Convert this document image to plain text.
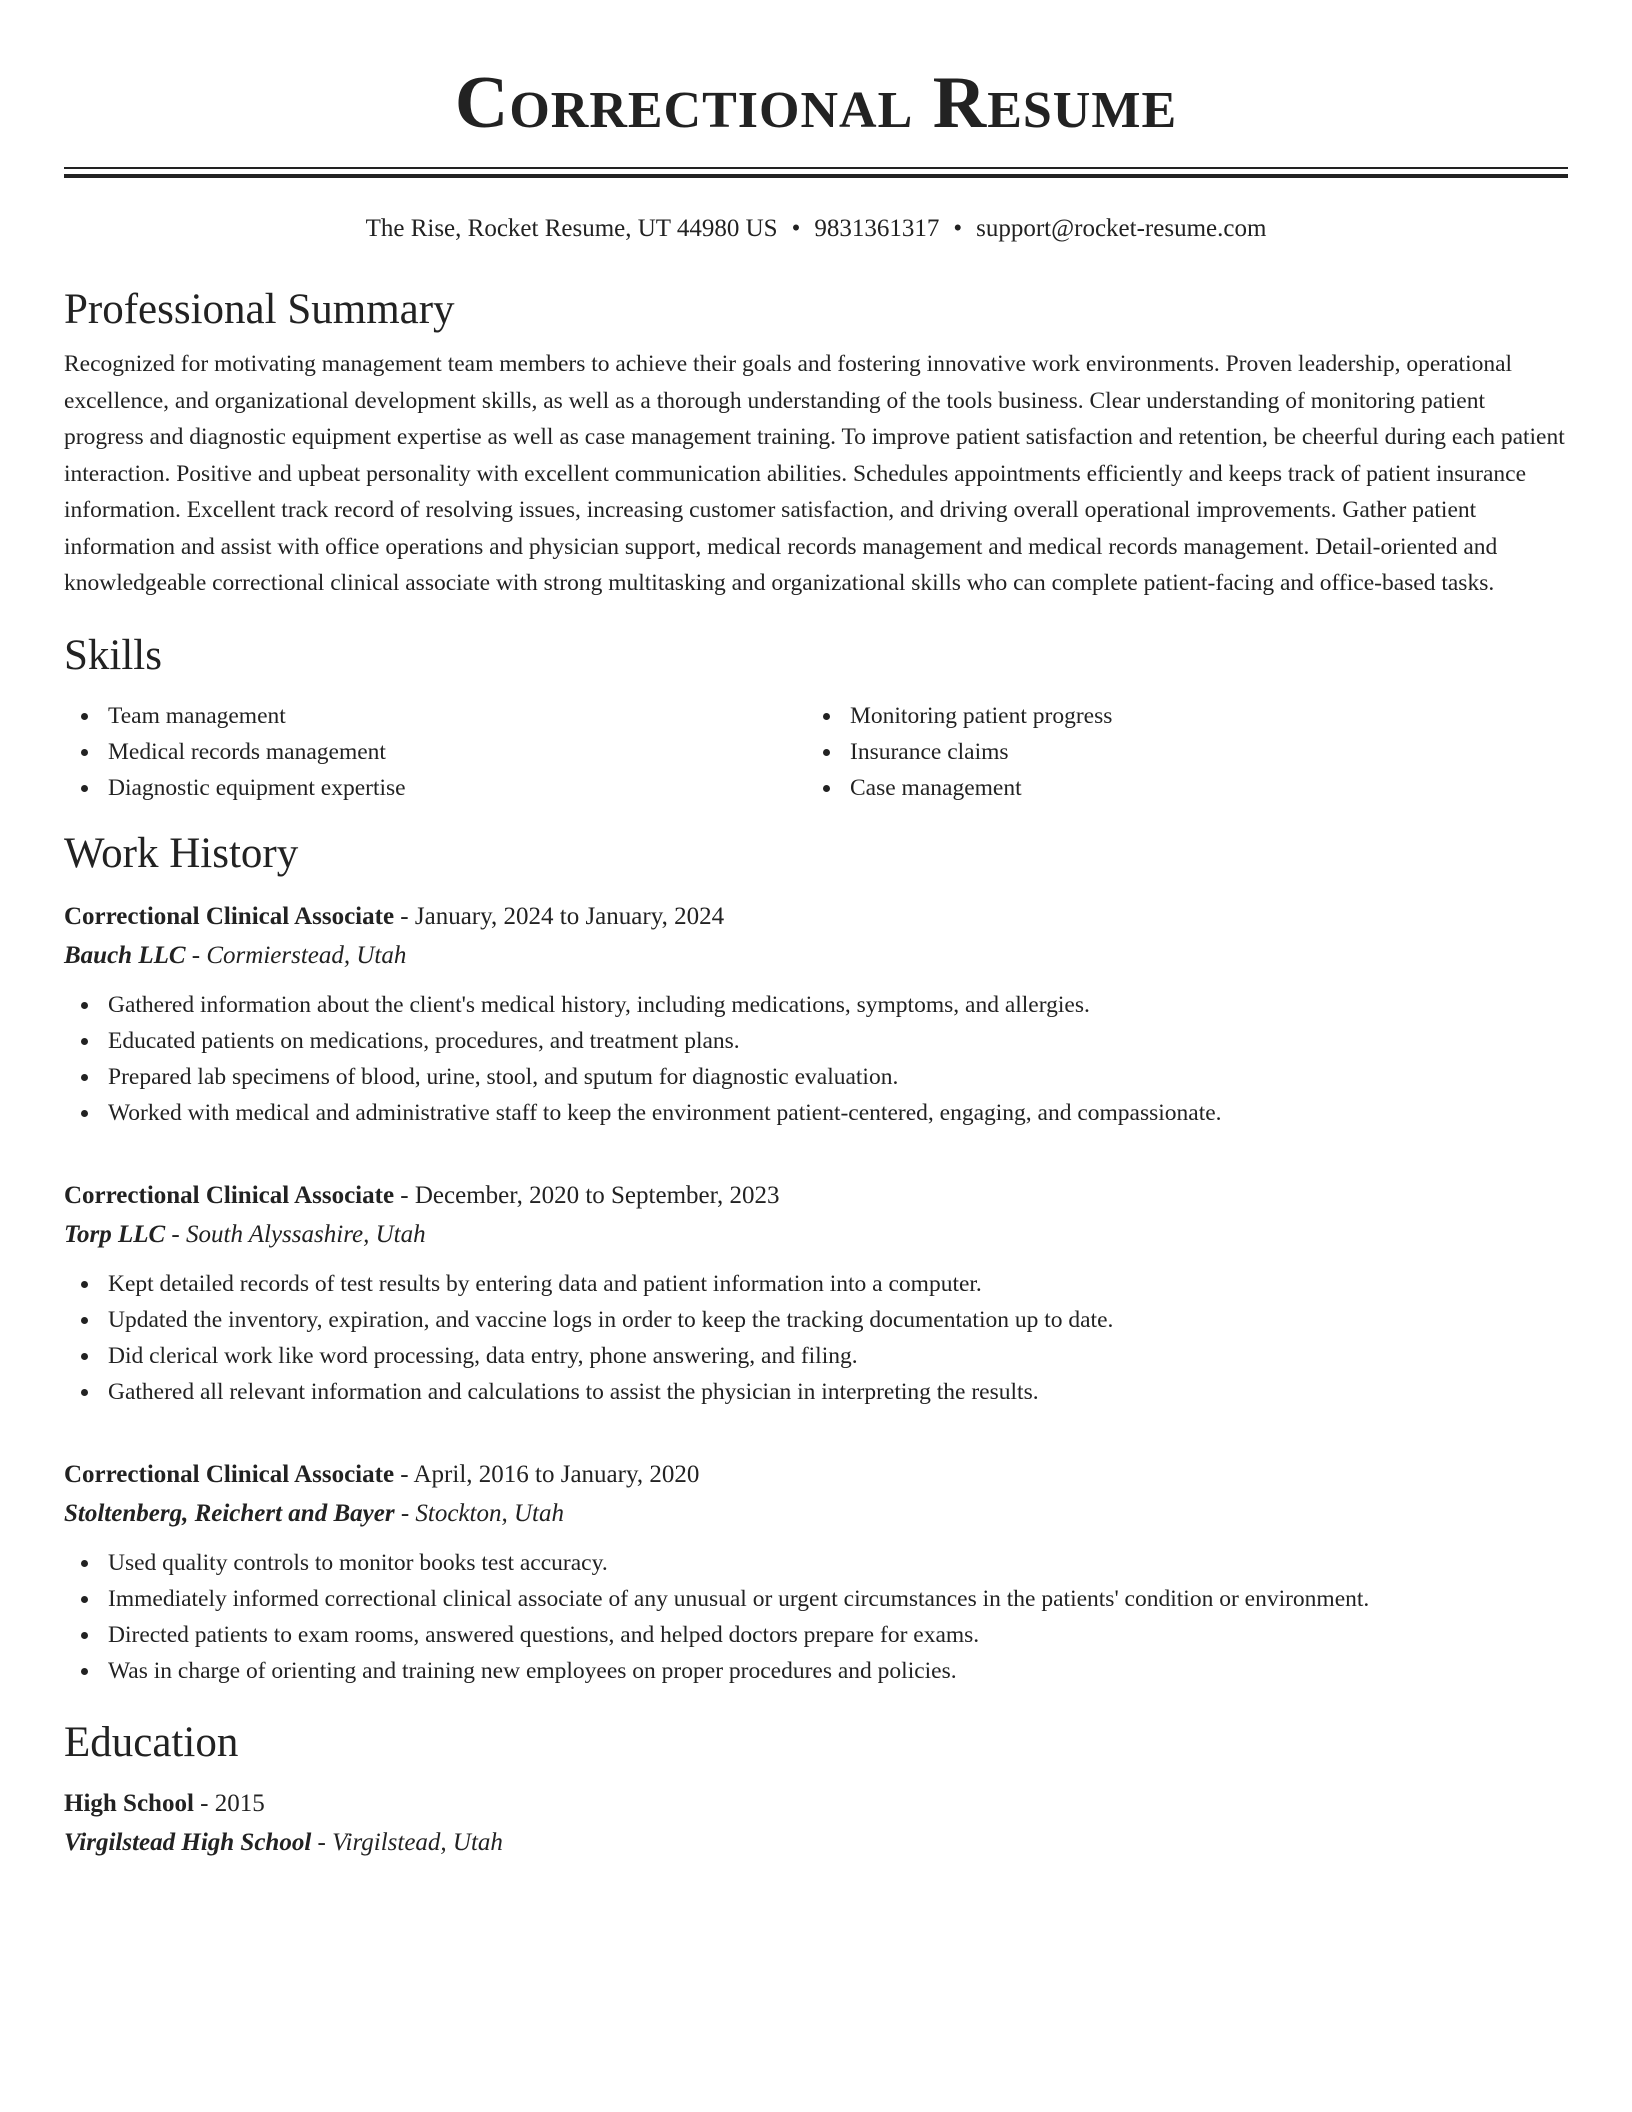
Correctional Resume
The Rise, Rocket Resume, UT 44980 US • 9831361317 • support@rocket-resume.com
Professional Summary
Recognized for motivating management team members to achieve their goals and fostering innovative work environments. Proven leadership, operational excellence, and organizational development skills, as well as a thorough understanding of the tools business. Clear understanding of monitoring patient progress and diagnostic equipment expertise as well as case management training. To improve patient satisfaction and retention, be cheerful during each patient interaction. Positive and upbeat personality with excellent communication abilities. Schedules appointments efficiently and keeps track of patient insurance information. Excellent track record of resolving issues, increasing customer satisfaction, and driving overall operational improvements. Gather patient information and assist with office operations and physician support, medical records management and medical records management. Detail-oriented and knowledgeable correctional clinical associate with strong multitasking and organizational skills who can complete patient-facing and office-based tasks.
Skills
Team management
Medical records management
Diagnostic equipment expertise
Monitoring patient progress
Insurance claims
Case management
Work History
Correctional Clinical Associate - January, 2024 to January, 2024
Bauch LLC - Cormierstead, Utah
Gathered information about the client's medical history, including medications, symptoms, and allergies.
Educated patients on medications, procedures, and treatment plans.
Prepared lab specimens of blood, urine, stool, and sputum for diagnostic evaluation.
Worked with medical and administrative staff to keep the environment patient-centered, engaging, and compassionate.
Correctional Clinical Associate - December, 2020 to September, 2023
Torp LLC - South Alyssashire, Utah
Kept detailed records of test results by entering data and patient information into a computer.
Updated the inventory, expiration, and vaccine logs in order to keep the tracking documentation up to date.
Did clerical work like word processing, data entry, phone answering, and filing.
Gathered all relevant information and calculations to assist the physician in interpreting the results.
Correctional Clinical Associate - April, 2016 to January, 2020
Stoltenberg, Reichert and Bayer - Stockton, Utah
Used quality controls to monitor books test accuracy.
Immediately informed correctional clinical associate of any unusual or urgent circumstances in the patients' condition or environment.
Directed patients to exam rooms, answered questions, and helped doctors prepare for exams.
Was in charge of orienting and training new employees on proper procedures and policies.
Education
High School - 2015
Virgilstead High School - Virgilstead, Utah
